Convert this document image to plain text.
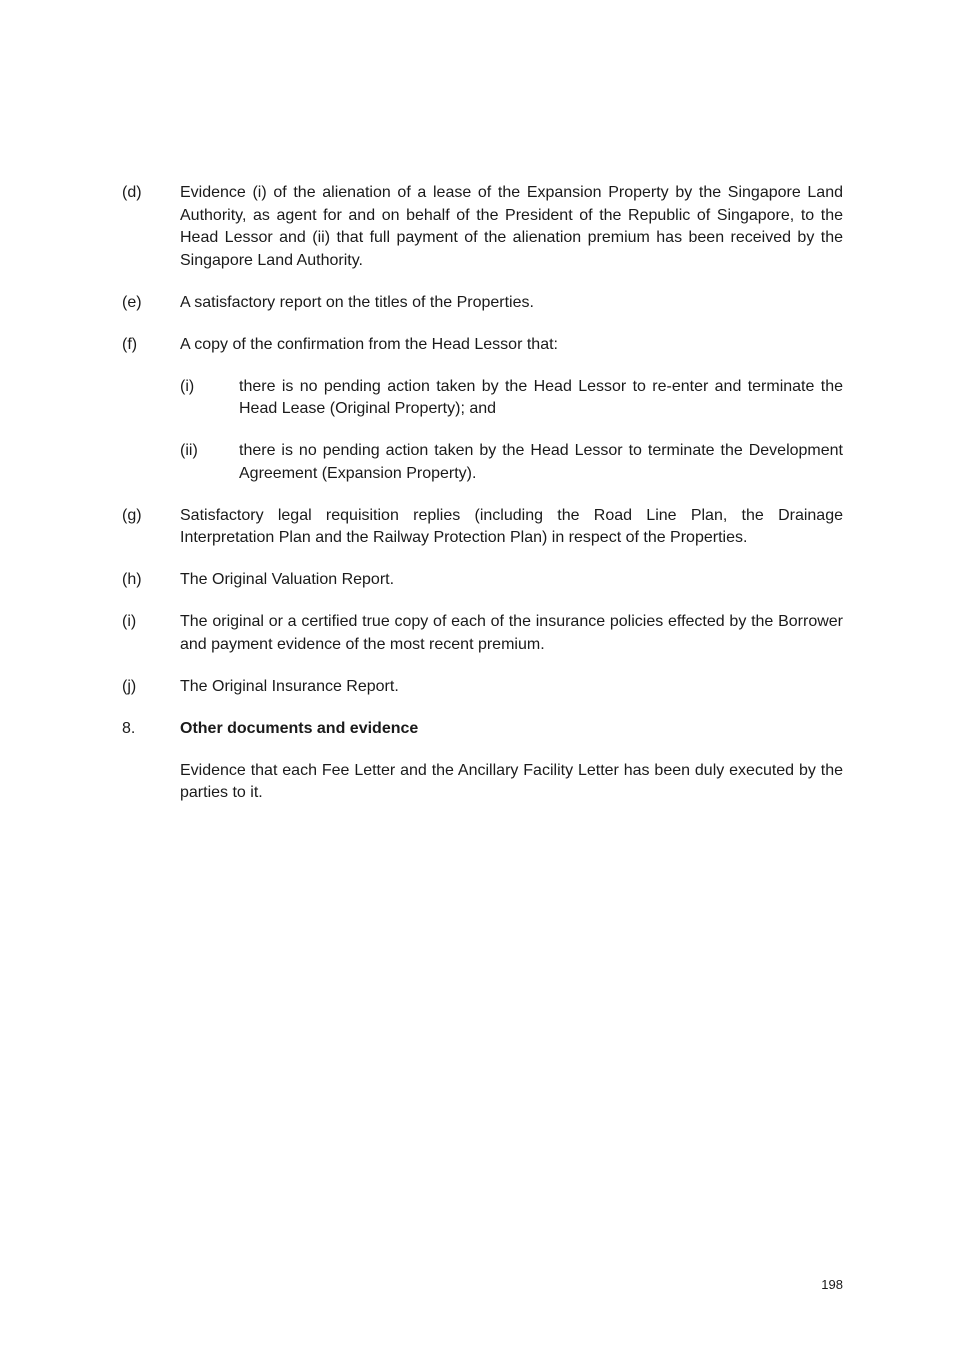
(d)	Evidence (i) of the alienation of a lease of the Expansion Property by the Singapore Land Authority, as agent for and on behalf of the President of the Republic of Singapore, to the Head Lessor and (ii) that full payment of the alienation premium has been received by the Singapore Land Authority.
(e)	A satisfactory report on the titles of the Properties.
(f)	A copy of the confirmation from the Head Lessor that:
(i)	there is no pending action taken by the Head Lessor to re-enter and terminate the Head Lease (Original Property); and
(ii)	there is no pending action taken by the Head Lessor to terminate the Development Agreement (Expansion Property).
(g)	Satisfactory legal requisition replies (including the Road Line Plan, the Drainage Interpretation Plan and the Railway Protection Plan) in respect of the Properties.
(h)	The Original Valuation Report.
(i)	The original or a certified true copy of each of the insurance policies effected by the Borrower and payment evidence of the most recent premium.
(j)	The Original Insurance Report.
8.	Other documents and evidence
Evidence that each Fee Letter and the Ancillary Facility Letter has been duly executed by the parties to it.
198
